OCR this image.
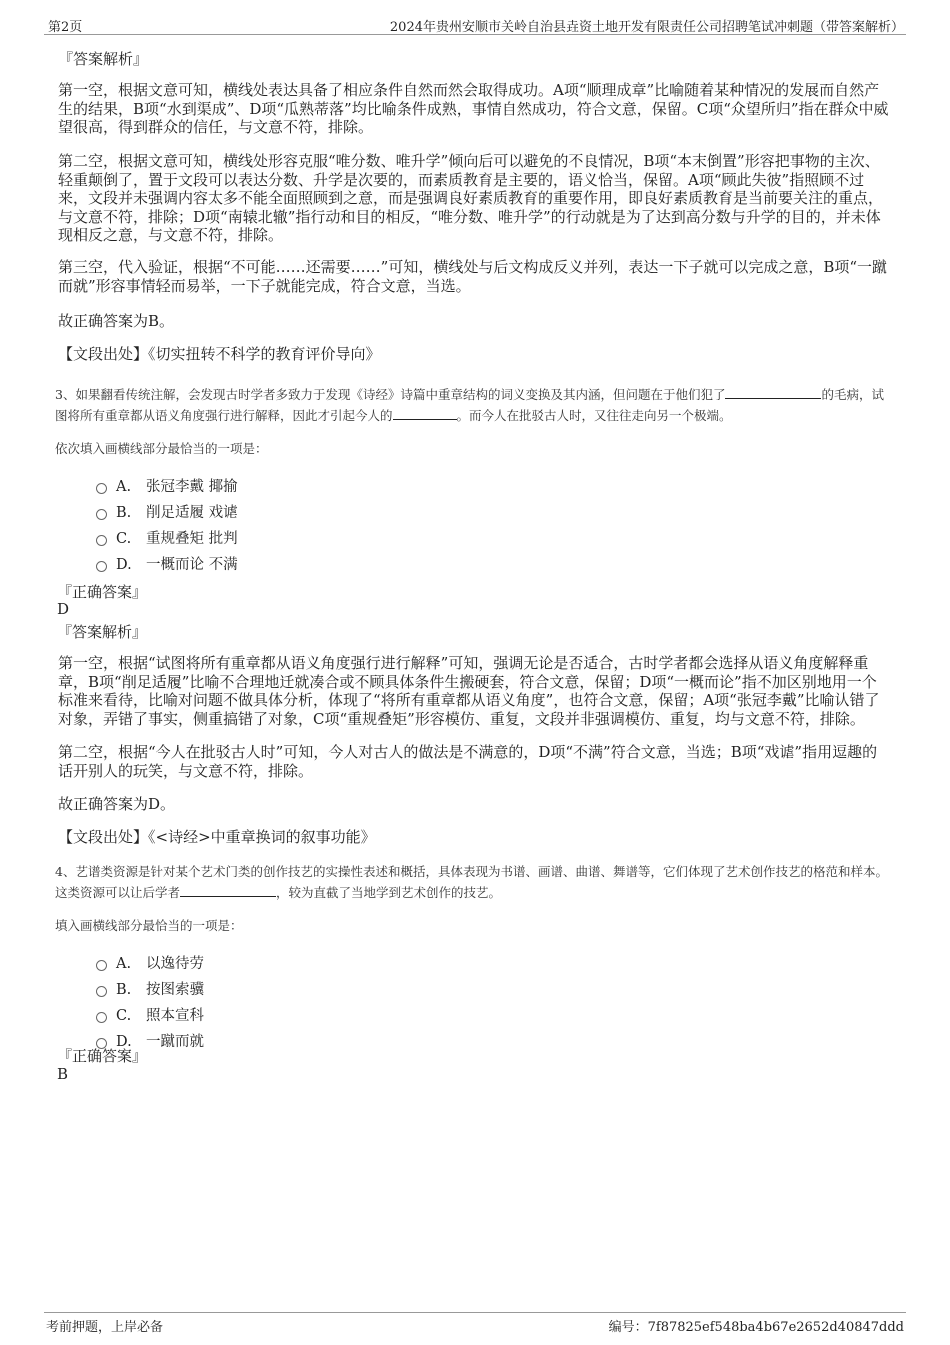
第2页	2024年贵州安顺市关岭自治县垚资土地开发有限责任公司招聘笔试冲刺题（带答案解析）
『答案解析』
第一空，根据文意可知，横线处表达具备了相应条件自然而然会取得成功。A项“顺理成章”比喻随着某种情况的发展而自然产生的结果，B项“水到渠成”、D项“瓜熟蒂落”均比喻条件成熟，事情自然成功，符合文意，保留。C项“众望所归”指在群众中威望很高，得到群众的信任，与文意不符，排除。
第二空，根据文意可知，横线处形容克服“唯分数、唯升学”倾向后可以避免的不良情况，B项“本末倒置”形容把事物的主次、轻重颠倒了，置于文段可以表达分数、升学是次要的，而素质教育是主要的，语义恰当，保留。A项“顾此失彼”指照顾不过来，文段并未强调内容太多不能全面照顾到之意，而是强调良好素质教育的重要作用，即良好素质教育是当前要关注的重点，与文意不符，排除；D项“南辕北辙”指行动和目的相反，“唯分数、唯升学”的行动就是为了达到高分数与升学的目的，并未体现相反之意，与文意不符，排除。
第三空，代入验证，根据“不可能……还需要……”可知，横线处与后文构成反义并列，表达一下子就可以完成之意，B项“一蹴而就”形容事情轻而易举，一下子就能完成，符合文意，当选。
故正确答案为B。
【文段出处】《切实扭转不科学的教育评价导向》
3、如果翻看传统注解，会发现古时学者多致力于发现《诗经》诗篇中重章结构的词义变换及其内涵，但问题在于他们犯了	的毛病，试图将所有重章都从语义角度强行进行解释，因此才引起今人的	。而今人在批驳古人时，又往往走向另一个极端。
依次填入画横线部分最恰当的一项是：
A. 张冠李戴 揶揄
B. 削足适履 戏谑
C. 重规叠矩 批判
D. 一概而论 不满
『正确答案』
D
『答案解析』
第一空，根据“试图将所有重章都从语义角度强行进行解释”可知，强调无论是否适合，古时学者都会选择从语义角度解释重章，B项“削足适履”比喻不合理地迁就凑合或不顾具体条件生搬硬套，符合文意，保留；D项“一概而论”指不加区别地用一个标准来看待，比喻对问题不做具体分析，体现了“将所有重章都从语义角度”，也符合文意，保留；A项“张冠李戴”比喻认错了对象，弄错了事实，侧重搞错了对象，C项“重规叠矩”形容模仿、重复，文段并非强调模仿、重复，均与文意不符，排除。
第二空，根据“今人在批驳古人时”可知，今人对古人的做法是不满意的，D项“不满”符合文意，当选；B项“戏谑”指用逗趣的话开别人的玩笑，与文意不符，排除。
故正确答案为D。
【文段出处】《<诗经>中重章换词的叙事功能》
4、艺谱类资源是针对某个艺术门类的创作技艺的实操性表述和概括，具体表现为书谱、画谱、曲谱、舞谱等，它们体现了艺术创作技艺的格范和样本。这类资源可以让后学者	，较为直截了当地学到艺术创作的技艺。
填入画横线部分最恰当的一项是：
A. 以逸待劳
B. 按图索骥
C. 照本宣科
D. 一蹴而就
『正确答案』
B
考前押题，上岸必备	编号：7f87825ef548ba4b67e2652d40847ddd
